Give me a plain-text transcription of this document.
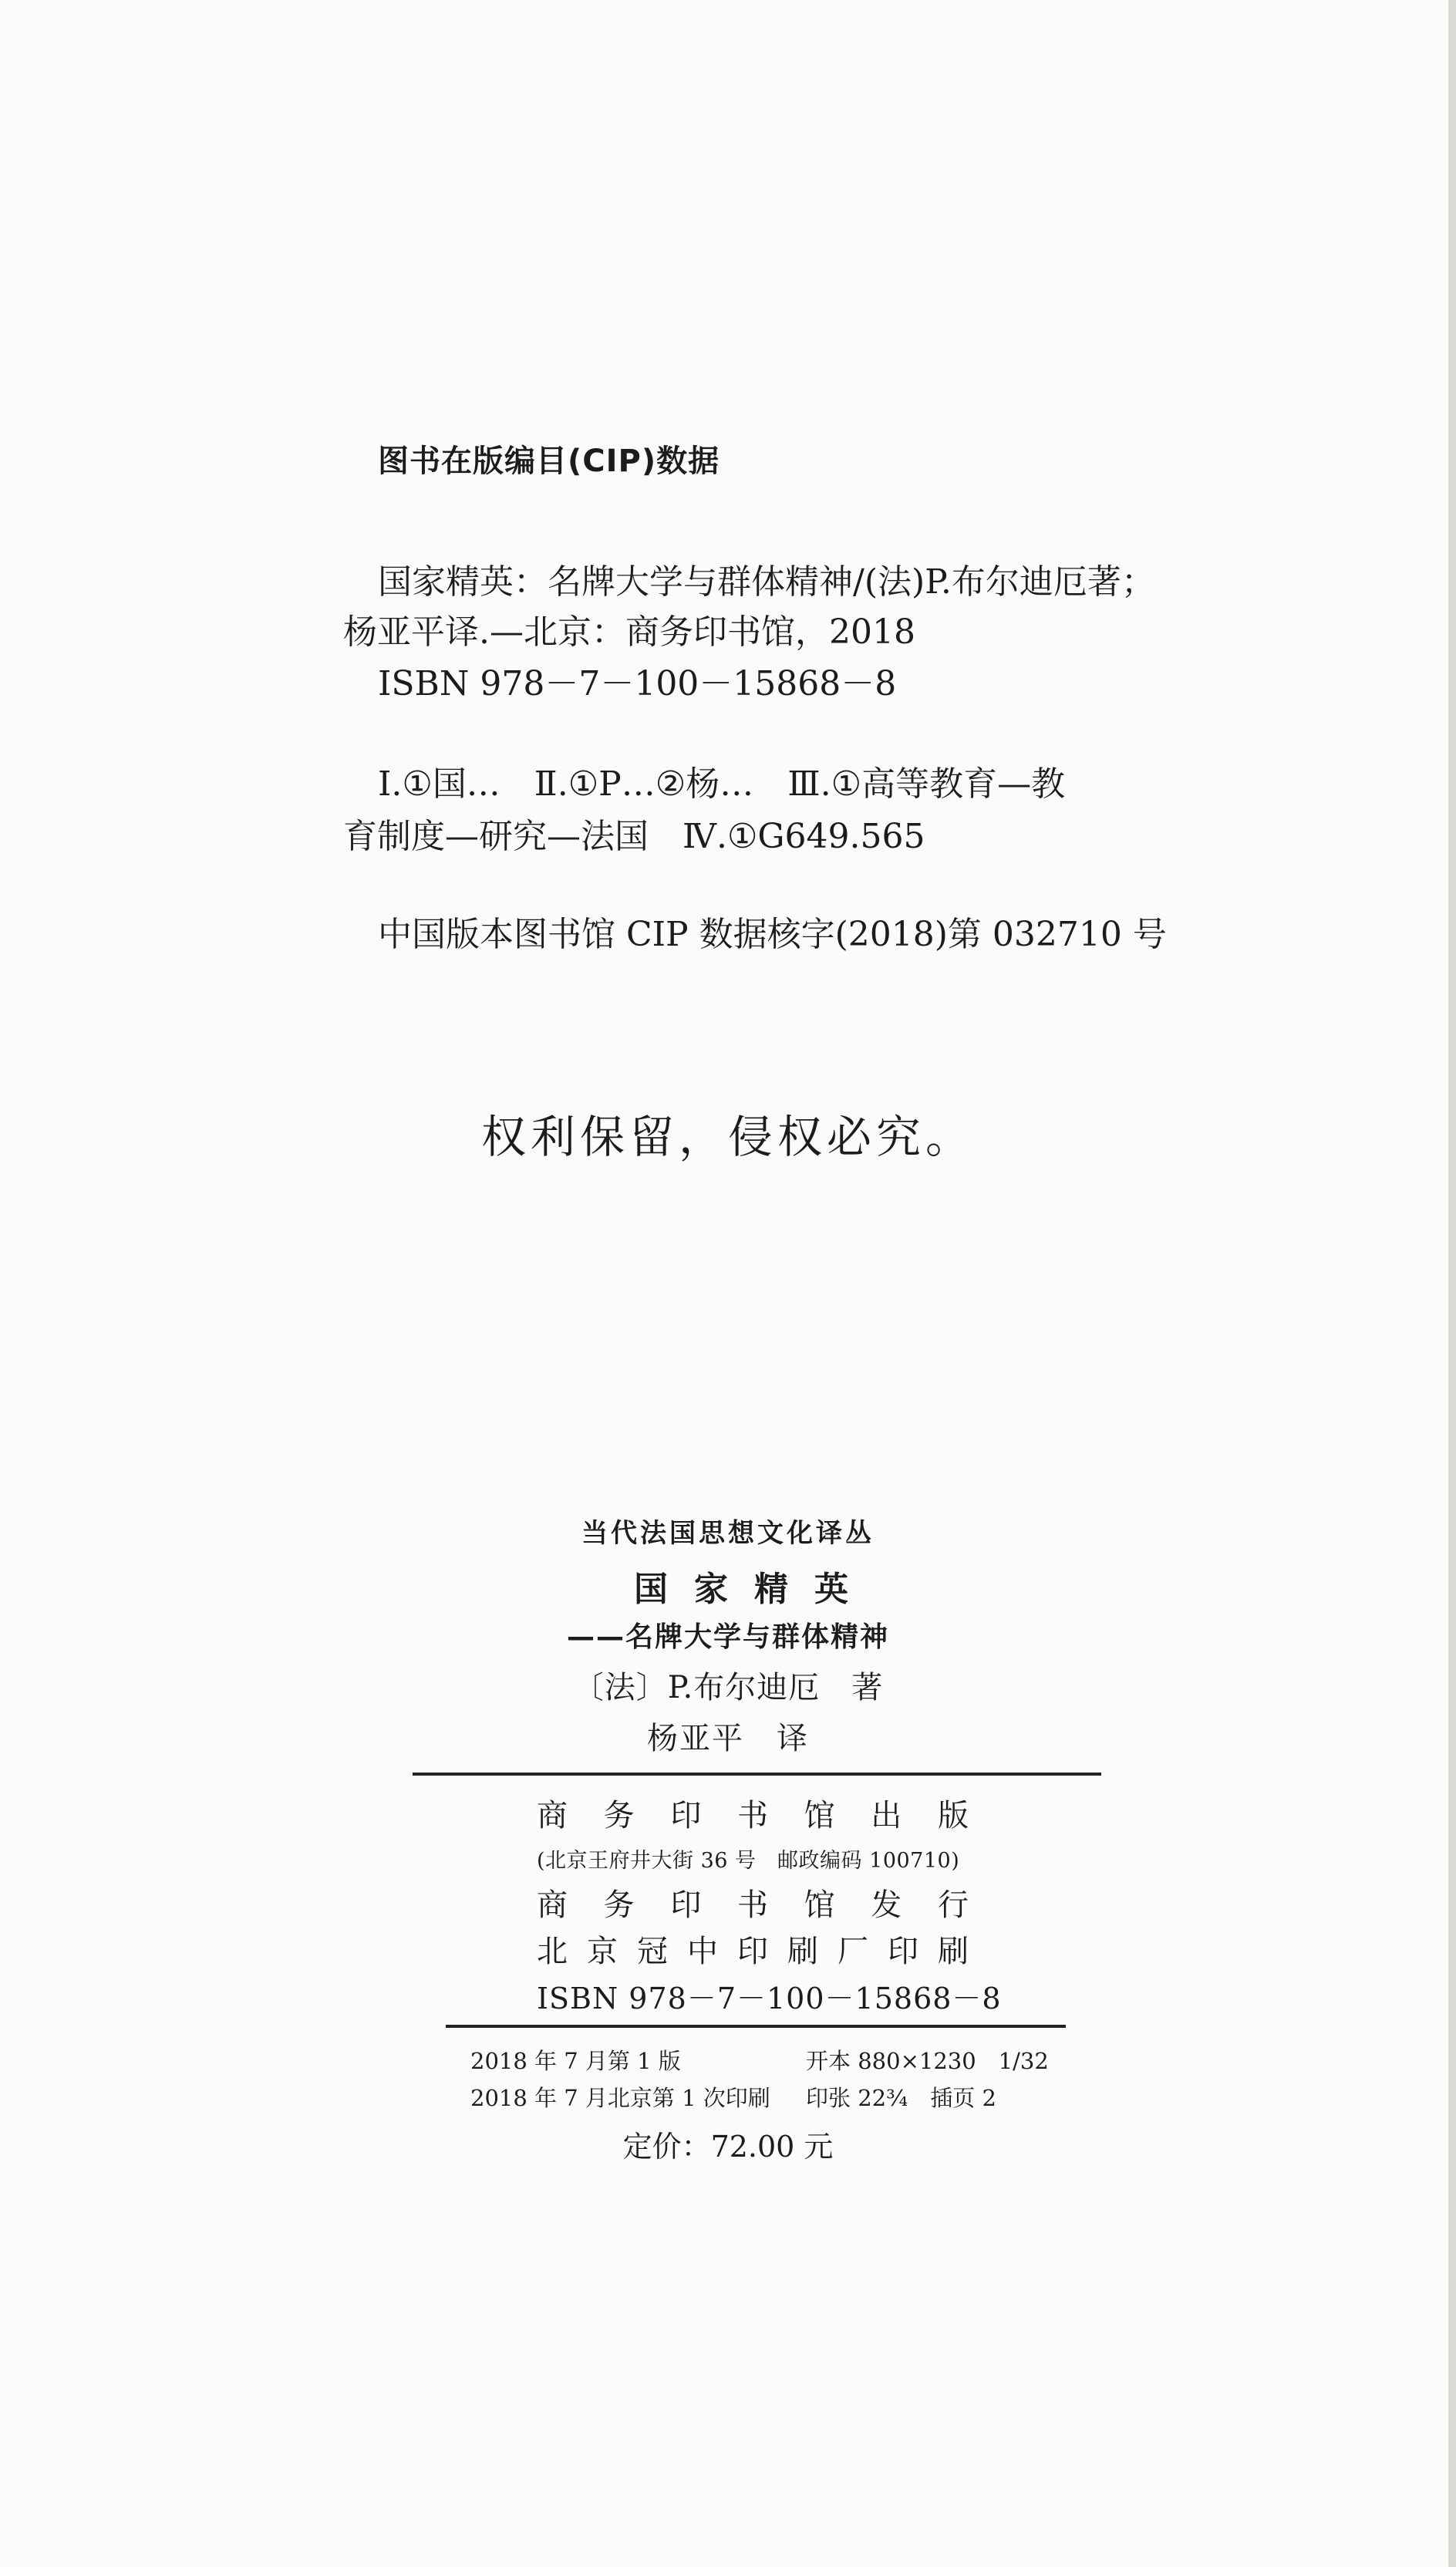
图书在版编目(CIP)数据
国家精英：名牌大学与群体精神/(法)P.布尔迪厄著；
杨亚平译.—北京：商务印书馆，2018
ISBN 978－7－100－15868－8
Ⅰ.①国…　Ⅱ.①P…②杨…　Ⅲ.①高等教育—教
育制度—研究—法国　Ⅳ.①G649.565
中国版本图书馆 CIP 数据核字(2018)第 032710 号
权利保留，侵权必究。
当代法国思想文化译丛
国家精英
——名牌大学与群体精神
〔法〕P.布尔迪厄　著
杨亚平　译
商 务 印 书 馆 出 版
(北京王府井大街 36 号　邮政编码 100710)
商 务 印 书 馆 发 行
北 京 冠 中 印 刷 厂 印 刷
ISBN 978－7－100－15868－8
2018 年 7 月第 1 版
2018 年 7 月北京第 1 次印刷
开本 880×1230　1/32
印张 22¾　插页 2
定价：72.00 元
